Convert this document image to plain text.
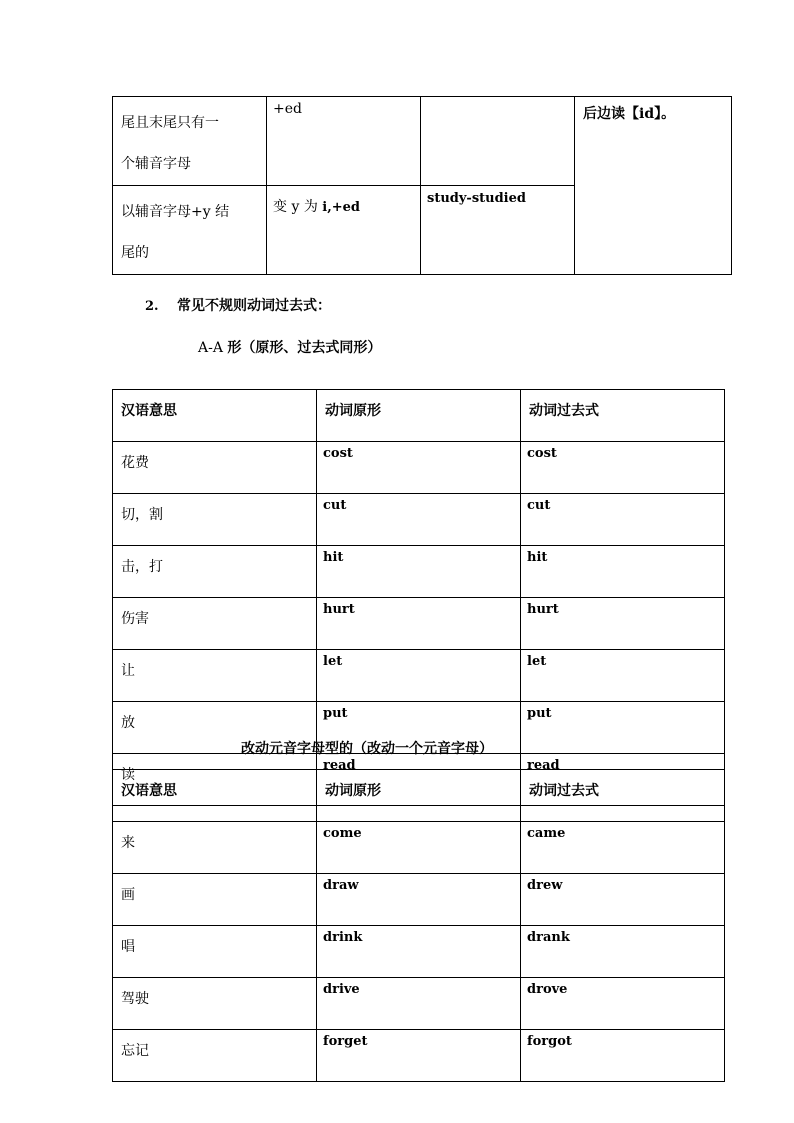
尾且末尾只有一
个辅音字母	+ed		后边读【id】。
以辅音字母+y 结
尾的	变 y 为 i,+ed	study-studied	
2. 常见不规则动词过去式：
A-A 形（原形、过去式同形）
汉语意思	动词原形	动词过去式
花费	cost	cost
切，割	cut	cut
击，打	hit	hit
伤害	hurt	hurt
让	let	let
放	put	put
读	read	read
改动元音字母型的（改动一个元音字母）
汉语意思	动词原形	动词过去式
来	come	came
画	draw	drew
唱	drink	drank
驾驶	drive	drove
忘记	forget	forgot
